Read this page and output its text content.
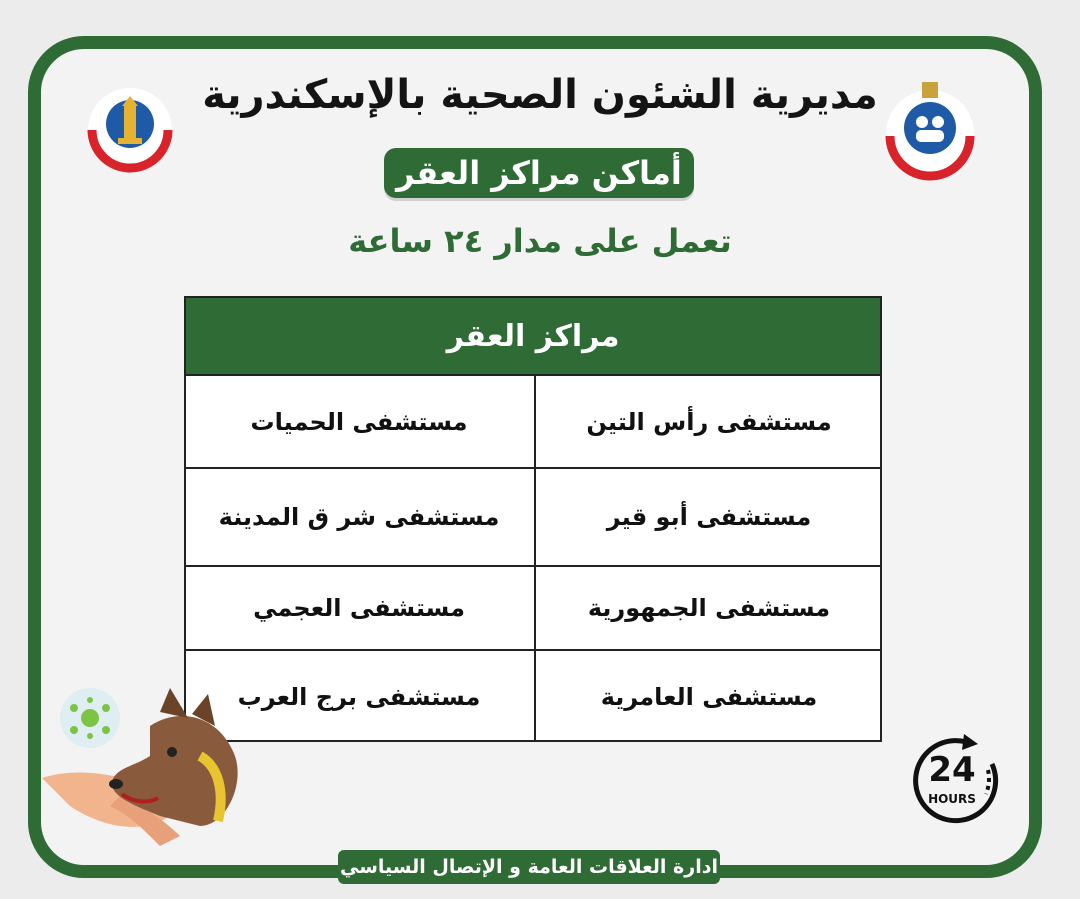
مديرية الشئون الصحية بالإسكندرية
أماكن مراكز العقر
تعمل على مدار ٢٤ ساعة
مراكز العقر
مستشفى رأس التين
مستشفى الحميات
مستشفى أبو قير
مستشفى شر ق المدينة
مستشفى الجمهورية
مستشفى العجمي
مستشفى العامرية
مستشفى برج العرب
24
HOURS
ادارة العلاقات العامة و الإتصال السياسي
